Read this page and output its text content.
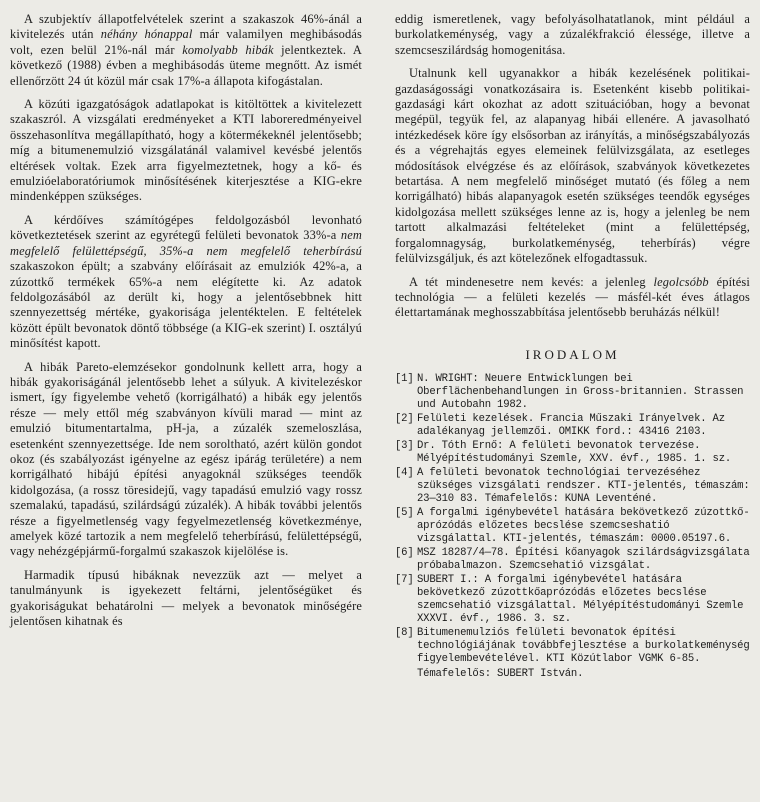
A szubjektív állapotfelvételek szerint a szakaszok 46%-ánál a kivitelezés után néhány hónappal már valamilyen meghibásodás volt, ezen belül 21%-nál már komolyabb hibák jelentkeztek. A következő (1988) évben a meghibásodás üteme megnőtt. Az ismét ellenőrzött 24 út közül már csak 17%-a állapota kifogástalan.

A közúti igazgatóságok adatlapokat is kitöltöttek a kivitelezett szakaszról. A vizsgálati eredményeket a KTI laboreredményeivel összehasonlítva megállapítható, hogy a kötermékeknél jelentősebb; míg a bitumenemulzió vizsgálatánál valamivel kevésbé jelentős eltérések voltak. Ezek arra figyelmeztetnek, hogy a kő- és emulzióelaboratóriumok minősítésének kiterjesztése a KIG-ekre mindenképpen szükséges.

A kérdőíves számítógépes feldolgozásból levonható következtetések szerint az egyrétegű felületi bevonatok 33%-a nem megfelelő felülettépségű, 35%-a nem megfelelő teherbírású szakaszokon épült; a szabvány előírásait az emulziók 42%-a, a zúzottkő termékek 65%-a nem elégítette ki. Az adatok feldolgozásából az derült ki, hogy a jelentősebbnek hitt szennyezettség mértéke, gyakorisága jelentéktelen. E feltételek között épült bevonatok döntő többsége (a KIG-ek szerint) I. osztályú minősítést kapott.

A hibák Pareto-elemzésekor gondolnunk kellett arra, hogy a hibák gyakoriságánál jelentősebb lehet a súlyuk. A kivitelezéskor ismert, így figyelembe vehető (korrigálható) a hibák egy jelentős része — mely ettől még szabványon kívüli marad — mint az emulzió bitumentartalma, pH-ja, a zúzalék szemeloszlása, esetenként szennyezettsége. Ide nem soroltható, azért külön gondot okoz (és szabályozást igényelne az egész ipárág területére) a nem korrigálható hibájú építési anyagoknál szükséges teendők kidolgozása, (a rossz töresidejű, vagy tapadású emulzió vagy rossz szemalakú, tapadású, szilárdságú zúzalék). A hibák további jelentős része a figyelmetlenség vagy fegyelmezetlenség következménye, amelyek közé tartozik a nem megfelelő teherbírású, felülettépségű, vagy nehézgépjármű-forgalmú szakaszok kijelölése is.

Harmadik típusú hibáknak nevezzük azt — melyet a tanulmányunk is igyekezett feltárni, jelentőségüket és gyakoriságukat behatárolni — melyek a bevonatok minőségére jelentősen kihatnak és

eddig ismeretlenek, vagy befolyásolhatatlanok, mint például a burkolatkeménység, vagy a zúzalékfrakció élessége, illetve a szemcseszilárdság homogenitása.

Utalnunk kell ugyanakkor a hibák kezelésének politikai-gazdaságossági vonatkozásaira is. Esetenként kisebb politikai-gazdasági kárt okozhat az adott szituációban, hogy a bevonat megépül, tegyük fel, az alapanyag hibái ellenére. A javasolható intézkedések köre így elsősorban az irányítás, a minőségszabályozás és a végrehajtás egyes elemeinek felülvizsgálata, az esetleges módosítások elvégzése és az előírások, szabványok következetes betartása. A nem megfelelő minőséget mutató (és főleg a nem korrigálható) hibás alapanyagok esetén szükséges teendők egységes kidolgozása mellett szükséges lenne az is, hogy a jelenleg be nem tartott alkalmazási feltételeket (mint a felülettépség, forgalomnagyság, burkolatkeménység, teherbírás) végre felülvizsgáljuk, és azt kötelezőnek elfogadtassuk.

A tét mindenesetre nem kevés: a jelenleg legolcsóbb építési technológia — a felületi kezelés — másfél-két éves átlagos élettartamának meghosszabbítása jelentősebb beruházás nélkül!

IRODALOM
[1] N. WRIGHT: Neuere Entwicklungen bei Oberflächenbehandlungen in Gross-britannien. Strassen und Autobahn 1982.
[2] Felületi kezelések. Francia Műszaki Irányelvek. Az adalékanyag jellemzői. OMIKK ford.: 43416 2103.
[3] Dr. Tóth Ernő: A felületi bevonatok tervezése. Mélyépítéstudományi Szemle, XXV. évf., 1985. 1. sz.
[4] A felületi bevonatok technológiai tervezéséhez szükséges vizsgálati rendszer. KTI-jelentés, témaszám: 23—310 83. Témafelelős: KUNA Leventéné.
[5] A forgalmi igénybevétel hatására bekövetkező zúzottkő-aprózódás előzetes becslése szemcseshatió vizsgálattal. KTI-jelentés, témaszám: 0000.05197.6.
[6] MSZ 18287/4—78. Építési kőanyagok szilárdságvizsgálata próbabalmazon. Szemcsehatió vizsgálat.
[7] SUBERT I.: A forgalmi igénybevétel hatására bekövetkező zúzottkőaprózódás előzetes becslése szemcsehatió vizsgálattal. Mélyépítéstudományi Szemle XXXVI. évf., 1986. 3. sz.
[8] Bitumenemulziós felületi bevonatok építési technológiájának továbbfejlesztése a burkolatkeménység figyelembevételével. KTI Közútlabor VGMK 6-85.
Témafelelős: SUBERT István.
